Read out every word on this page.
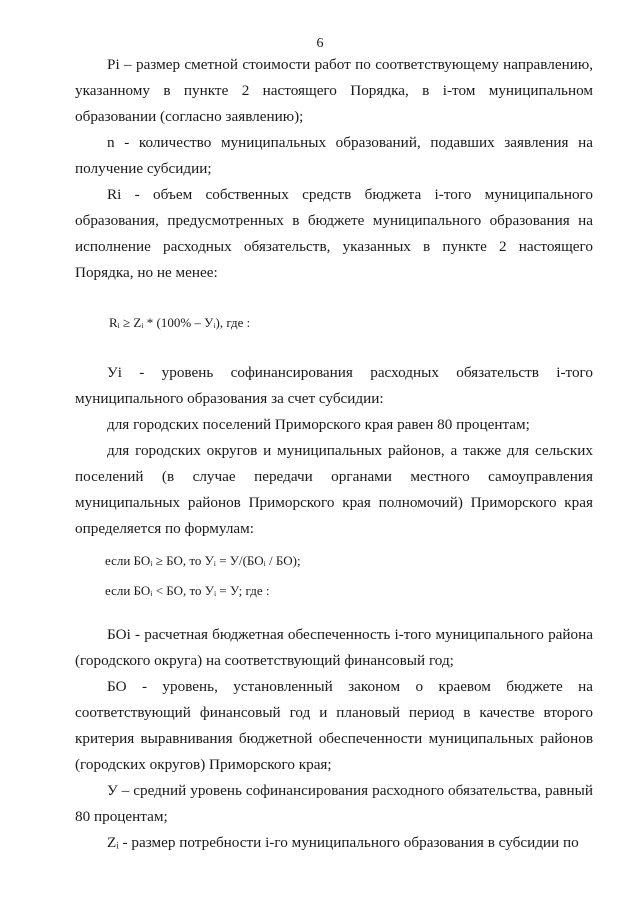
6

Pi – размер сметной стоимости работ по соответствующему направлению, указанному в пункте 2 настоящего Порядка, в i-том муниципальном образовании (согласно заявлению);

n - количество муниципальных образований, подавших заявления на получение субсидии;

Ri - объем собственных средств бюджета i-того муниципального образования, предусмотренных в бюджете муниципального образования на исполнение расходных обязательств, указанных в пункте 2 настоящего Порядка, но не менее:

Rᵢ ≥ Zᵢ * (100% – Уᵢ), где :

Уi - уровень софинансирования расходных обязательств i-того муниципального образования за счет субсидии:

для городских поселений Приморского края равен 80 процентам;

для городских округов и муниципальных районов, а также для сельских поселений (в случае передачи органами местного самоуправления муниципальных районов Приморского края полномочий) Приморского края определяется по формулам:

если БОᵢ ≥ БО, то Уᵢ = У/(БОᵢ / БО);

если БОᵢ < БО, то Уᵢ = У; где :

БОi - расчетная бюджетная обеспеченность i-того муниципального района (городского округа) на соответствующий финансовый год;

БО - уровень, установленный законом о краевом бюджете на соответствующий финансовый год и плановый период в качестве второго критерия выравнивания бюджетной обеспеченности муниципальных районов (городских округов) Приморского края;

У – средний уровень софинансирования расходного обязательства, равный 80 процентам;

Zᵢ - размер потребности i-го муниципального образования в субсидии по
